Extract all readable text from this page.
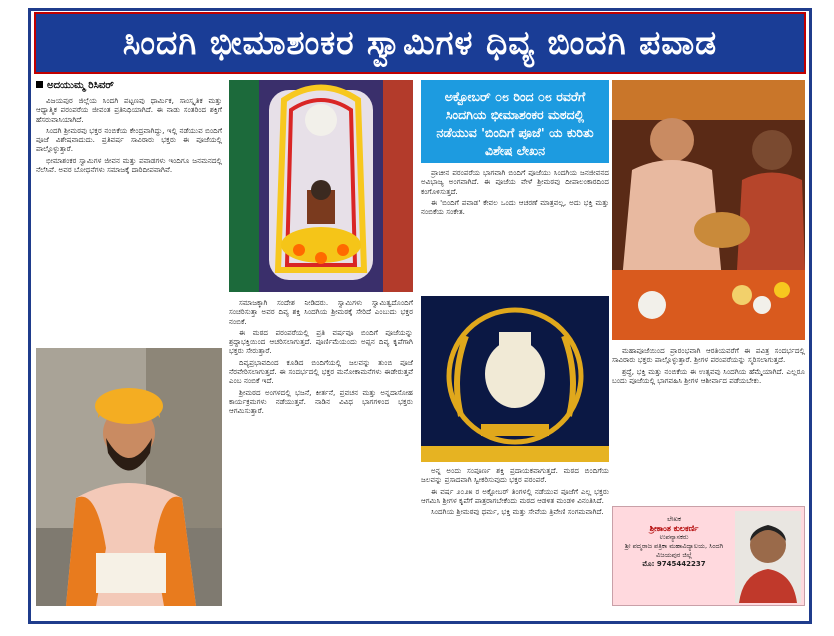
ಸಿಂದಗಿ ಭೀಮಾಶಂಕರ ಸ್ವಾಮಿಗಳ ಧಿವ್ಯ ಬಿಂದಗಿ ಪವಾಡ
ಅದಯುಮ್ಮ ರಿಸಿವರ್

ವಿಜಯಪುರ ಜಿಲ್ಲೆಯ ಸಿಂದಗಿ ಪಟ್ಟಣವು ಧಾರ್ಮಿಕ, ಸಾಂಸ್ಕೃತಿಕ ಮತ್ತು ಆಧ್ಯಾತ್ಮಿಕ ಪರಂಪರೆಯ ಜೀವಂತ ಪ್ರತಿನಿಧಿಯಾಗಿದೆ. ಈ ನಾಡು ಸಂತರಿಂದ ಶಕ್ತಿಗೆ ಹೆಸರುವಾಸಿಯಾಗಿದೆ.

ಸಿಂದಗಿ ಶ್ರೀಮಠವು ಭಕ್ತರ ನಂಬಿಕೆಯ ಕೇಂದ್ರವಾಗಿದ್ದು, ಇಲ್ಲಿ ನಡೆಯುವ ಬಿಂದಿಗೆ ಪೂಜೆ ವಿಶೇಷವಾದುದು. ಪ್ರತಿವರ್ಷ ಸಾವಿರಾರು ಭಕ್ತರು ಈ ಪೂಜೆಯಲ್ಲಿ ಪಾಲ್ಗೊಳ್ಳುತ್ತಾರೆ.

ಭೀಮಾಶಂಕರ ಸ್ವಾಮಿಗಳ ಜೀವನ ಮತ್ತು ಪವಾಡಗಳು ಇಂದಿಗೂ ಜನಮನದಲ್ಲಿ ನೆಲೆಸಿವೆ. ಅವರ ಬೋಧನೆಗಳು ಸಮಾಜಕ್ಕೆ ದಾರಿದೀಪವಾಗಿವೆ.

ಸಮಾಜಕ್ಕಾಗಿ ಸಂದೇಶ ನೀಡಿದರು. ಸ್ವಾಮಿಗಳು ಸ್ವಾಮಿತ್ವದೊಂದಿಗೆ ಸಂಚರಿಸುತ್ತಾ ಅವರ ದಿವ್ಯ ಶಕ್ತಿ ಸಿಂದಗಿಯ ಶ್ರೀಮಠಕ್ಕೆ ಸೇರಿದೆ ಎಂಬುದು ಭಕ್ತರ ನಂಬಿಕೆ.

ಈ ಮಠದ ಪರಂಪರೆಯಲ್ಲಿ ಪ್ರತಿ ವರ್ಷವೂ ಬಿಂದಿಗೆ ಪೂಜೆಯನ್ನು ಶ್ರದ್ಧಾಭಕ್ತಿಯಿಂದ ಆಚರಿಸಲಾಗುತ್ತದೆ. ಪೂರ್ಣಿಮೆಯಂದು ಅಪ್ಪನ ದಿವ್ಯ ಕೃಪೆಗಾಗಿ ಭಕ್ತರು ಸೇರುತ್ತಾರೆ.

ದಿವ್ಯಪ್ರಭಾವದಿಂದ ಕೂಡಿದ ಬಿಂದಿಗೆಯಲ್ಲಿ ಜಲವನ್ನು ತುಂಬಿ ಪೂಜೆ ನೆರವೇರಿಸಲಾಗುತ್ತದೆ. ಈ ಸಂದರ್ಭದಲ್ಲಿ ಭಕ್ತರ ಮನೋಕಾಮನೆಗಳು ಈಡೇರುತ್ತವೆ ಎಂಬ ನಂಬಿಕೆ ಇದೆ.

ಶ್ರೀಮಠದ ಅಂಗಳದಲ್ಲಿ ಭಜನೆ, ಕೀರ್ತನೆ, ಪ್ರವಚನ ಮತ್ತು ಅನ್ನದಾಸೋಹ ಕಾರ್ಯಕ್ರಮಗಳು ನಡೆಯುತ್ತವೆ. ನಾಡಿನ ವಿವಿಧ ಭಾಗಗಳಿಂದ ಭಕ್ತರು ಆಗಮಿಸುತ್ತಾರೆ.

ಅಕ್ಟೋಬರ್ ೦೮ ರಿಂದ ೦೮ ರವರೆಗೆ ಸಿಂದಗಿಯ ಭೀಮಾಶಂಕರ ಮಠದಲ್ಲಿ ನಡೆಯುವ 'ಬಿಂದಿಗೆ ಪೂಜೆ' ಯ ಕುರಿತು ವಿಶೇಷ ಲೇಖನ

ಪ್ರಾಚೀನ ಪರಂಪರೆಯ ಭಾಗವಾಗಿ ಬಿಂದಿಗೆ ಪೂಜೆಯು ಸಿಂದಗಿಯ ಜನಜೀವನದ ಅವಿಭಾಜ್ಯ ಅಂಗವಾಗಿದೆ. ಈ ಪೂಜೆಯ ವೇಳೆ ಶ್ರೀಮಠವು ದೀಪಾಲಂಕಾರದಿಂದ ಕಂಗೊಳಿಸುತ್ತದೆ.

ಈ 'ಬಿಂದಿಗೆ ಪವಾಡ' ಕೇವಲ ಒಂದು ಆಚರಣೆ ಮಾತ್ರವಲ್ಲ, ಅದು ಭಕ್ತಿ ಮತ್ತು ನಂಬಿಕೆಯ ಸಂಕೇತ.

ಅನ್ನ ಅಂದು ಸಂಪೂರ್ಣ ಶಕ್ತಿ ಪ್ರದಾಯಕವಾಗುತ್ತದೆ. ಮಠದ ಬಿಂದಿಗೆಯ ಜಲವನ್ನು ಪ್ರಸಾದವಾಗಿ ಸ್ವೀಕರಿಸುವುದು ಭಕ್ತರ ಪರಂಪರೆ.

ಈ ವರ್ಷ ೨೦೨೫ ರ ಅಕ್ಟೋಬರ್ ತಿಂಗಳಲ್ಲಿ ನಡೆಯುವ ಪೂಜೆಗೆ ಎಲ್ಲ ಭಕ್ತರು ಆಗಮಿಸಿ ಶ್ರೀಗಳ ಕೃಪೆಗೆ ಪಾತ್ರರಾಗಬೇಕೆಂದು ಮಠದ ಆಡಳಿತ ಮಂಡಳಿ ವಿನಂತಿಸಿದೆ.

ಸಿಂದಗಿಯ ಶ್ರೀಮಠವು ಧರ್ಮ, ಭಕ್ತಿ ಮತ್ತು ಸೇವೆಯ ತ್ರಿವೇಣಿ ಸಂಗಮವಾಗಿದೆ.

ಮಹಾಪೂಜೆಯಿಂದ ಪ್ರಾರಂಭವಾಗಿ ಆರತಿಯವರೆಗೆ ಈ ಪವಿತ್ರ ಸಂದರ್ಭದಲ್ಲಿ ಸಾವಿರಾರು ಭಕ್ತರು ಪಾಲ್ಗೊಳ್ಳುತ್ತಾರೆ. ಶ್ರೀಗಳ ಪರಂಪರೆಯನ್ನು ಸ್ಮರಿಸಲಾಗುತ್ತದೆ.

ಶ್ರದ್ಧೆ, ಭಕ್ತಿ ಮತ್ತು ನಂಬಿಕೆಯ ಈ ಉತ್ಸವವು ಸಿಂದಗಿಯ ಹೆಮ್ಮೆಯಾಗಿದೆ. ಎಲ್ಲರೂ ಬಂದು ಪೂಜೆಯಲ್ಲಿ ಭಾಗವಹಿಸಿ ಶ್ರೀಗಳ ಆಶೀರ್ವಾದ ಪಡೆಯಬೇಕು.

ಲೇಖಕ
ಶ್ರೀಕಾಂತ ಕುಲಕರ್ಣಿ
ಉಪನ್ಯಾಸಕರು
ಶ್ರೀ ಪದ್ಮರಾಜ ಪತ್ರಿಕಾ ಮಹಾವಿದ್ಯಾಲಯ, ಸಿಂದಗಿ
ವಿಜಯಪುರ ಜಿಲ್ಲೆ
ಮೊ: 9745442237
